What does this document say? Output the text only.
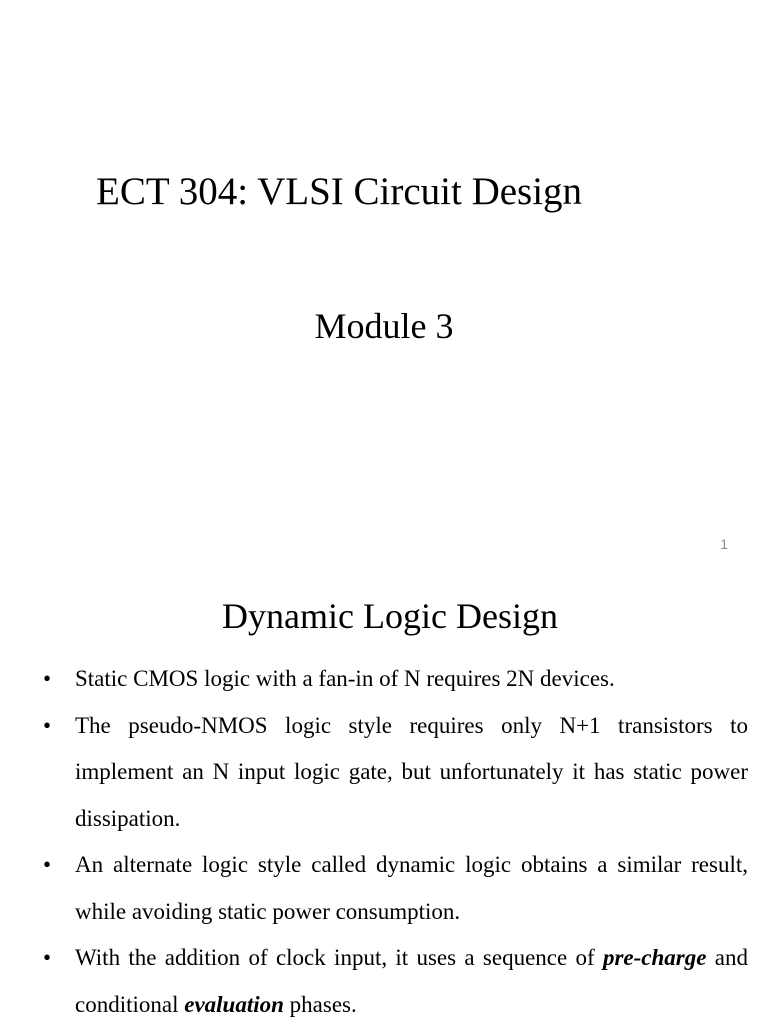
ECT 304: VLSI Circuit Design
Module 3
1
Dynamic Logic Design
• Static CMOS logic with a fan-in of N requires 2N devices.
• The pseudo-NMOS logic style requires only N+1 transistors to implement an N input logic gate, but unfortunately it has static power dissipation.
• An alternate logic style called dynamic logic obtains a similar result, while avoiding static power consumption.
• With the addition of clock input, it uses a sequence of pre-charge and conditional evaluation phases.
